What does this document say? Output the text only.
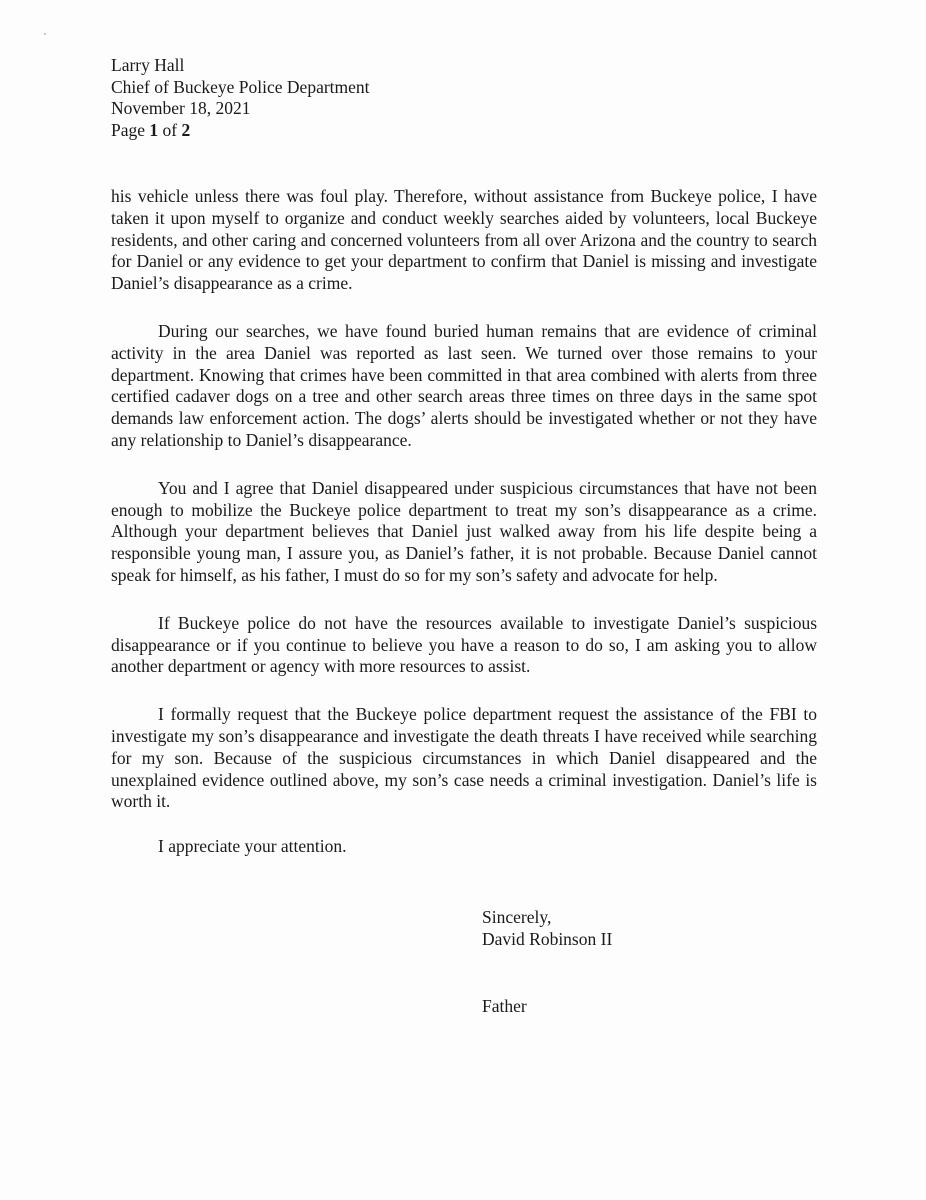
Larry Hall
Chief of Buckeye Police Department
November 18, 2021
Page 1 of 2

his vehicle unless there was foul play. Therefore, without assistance from Buckeye police, I have taken it upon myself to organize and conduct weekly searches aided by volunteers, local Buckeye residents, and other caring and concerned volunteers from all over Arizona and the country to search for Daniel or any evidence to get your department to confirm that Daniel is missing and investigate Daniel’s disappearance as a crime.

During our searches, we have found buried human remains that are evidence of criminal activity in the area Daniel was reported as last seen. We turned over those remains to your department. Knowing that crimes have been committed in that area combined with alerts from three certified cadaver dogs on a tree and other search areas three times on three days in the same spot demands law enforcement action. The dogs’ alerts should be investigated whether or not they have any relationship to Daniel’s disappearance.

You and I agree that Daniel disappeared under suspicious circumstances that have not been enough to mobilize the Buckeye police department to treat my son’s disappearance as a crime. Although your department believes that Daniel just walked away from his life despite being a responsible young man, I assure you, as Daniel’s father, it is not probable. Because Daniel cannot speak for himself, as his father, I must do so for my son’s safety and advocate for help.

If Buckeye police do not have the resources available to investigate Daniel’s suspicious disappearance or if you continue to believe you have a reason to do so, I am asking you to allow another department or agency with more resources to assist.

I formally request that the Buckeye police department request the assistance of the FBI to investigate my son’s disappearance and investigate the death threats I have received while searching for my son. Because of the suspicious circumstances in which Daniel disappeared and the unexplained evidence outlined above, my son’s case needs a criminal investigation. Daniel’s life is worth it.

I appreciate your attention.
Sincerely,
David Robinson II
Father
